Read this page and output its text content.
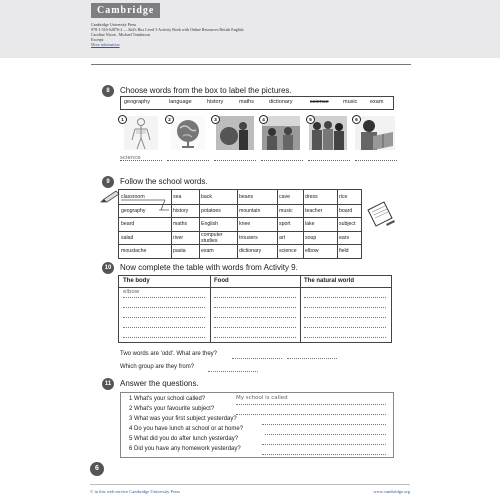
Cambridge
Cambridge University Press
978-1-316-62876-2 — Kid's Box Level 5 Activity Book with Online Resources British English
Caroline Nixon , Michael Tomlinson
Excerpt
More information
8	Choose words from the box to label the pictures.
geography	language	history	maths	dictionary	science	music exam
1	2	3	4	5	6
science
9	Follow the school words.
classroom	sea	back	beans	cave	dress	rice
geography	history	potatoes	mountain	music	teacher	board
beard	maths	English	knee	sport	lake	subject
salad	river	computer studies	trousers	art	soup	ears
moustache	pasta	exam	dictionary	science	elbow	field
10	Now complete the table with words from Activity 9.
The body	Food	The natural world
elbow
Two words are 'odd'. What are they?
Which group are they from?
11	Answer the questions.
1 What's your school called?	My school is called
2 What's your favourite subject?
3 What was your first subject yesterday?
4 Do you have lunch at school or at home?
5 What did you do after lunch yesterday?
6 Did you have any homework yesterday?
6
© in this web service Cambridge University Press	www.cambridge.org
